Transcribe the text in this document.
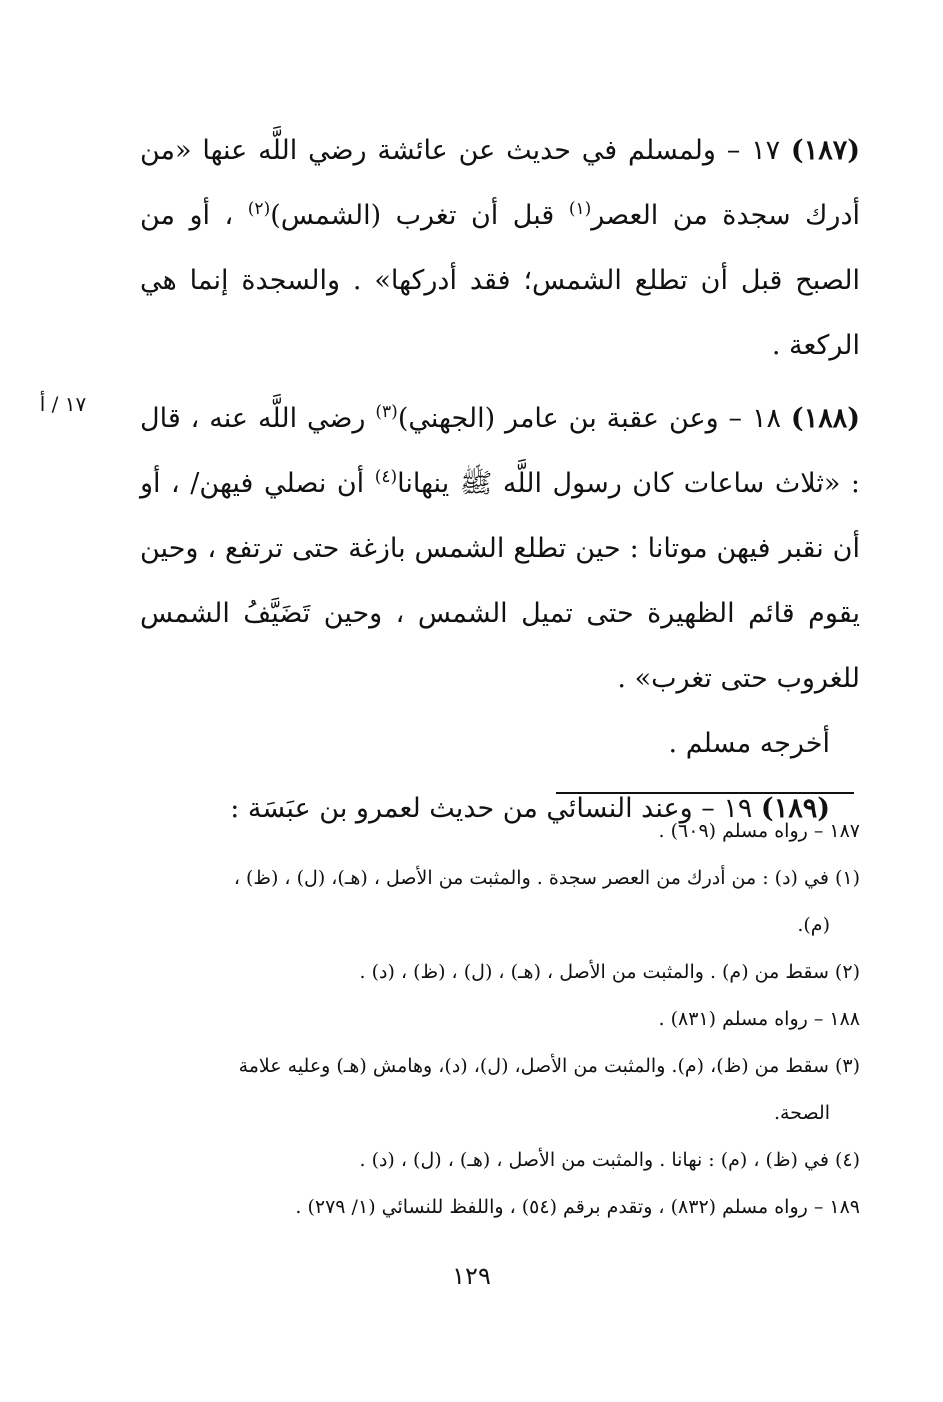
١٧ / أ

(١٨٧) ١٧ – ولمسلم في حديث عن عائشة رضي اللَّه عنها «من أدرك سجدة من العصر$^{(١)}$ قبل أن تغرب (الشمس)$^{(٢)}$ ، أو من الصبح قبل أن تطلع الشمس؛ فقد أدركها» . والسجدة إنما هي الركعة .

(١٨٨) ١٨ – وعن عقبة بن عامر (الجهني)$^{(٣)}$ رضي اللَّه عنه ، قال : «ثلاث ساعات كان رسول اللَّه ﷺ ينهانا$^{(٤)}$ أن نصلي فيهن/ ، أو أن نقبر فيهن موتانا : حين تطلع الشمس بازغة حتى ترتفع ، وحين يقوم قائم الظهيرة حتى تميل الشمس ، وحين تَضَيَّفُ الشمس للغروب حتى تغرب» .

أخرجه مسلم .

(١٨٩) ١٩ – وعند النسائي من حديث لعمرو بن عبَسَة :

١٨٧ – رواه مسلم (٦٠٩) .

(١) في (د) : من أدرك من العصر سجدة . والمثبت من الأصل ، (هـ)، (ل) ، (ظ) ،

(م).

(٢) سقط من (م) . والمثبت من الأصل ، (هـ) ، (ل) ، (ظ) ، (د) .

١٨٨ – رواه مسلم (٨٣١) .

(٣) سقط من (ظ)، (م). والمثبت من الأصل، (ل)، (د)، وهامش (هـ) وعليه علامة

الصحة.

(٤) في (ظ) ، (م) : نهانا . والمثبت من الأصل ، (هـ) ، (ل) ، (د) .

١٨٩ – رواه مسلم (٨٣٢) ، وتقدم برقم (٥٤) ، واللفظ للنسائي (١/ ٢٧٩) .

١٢٩
